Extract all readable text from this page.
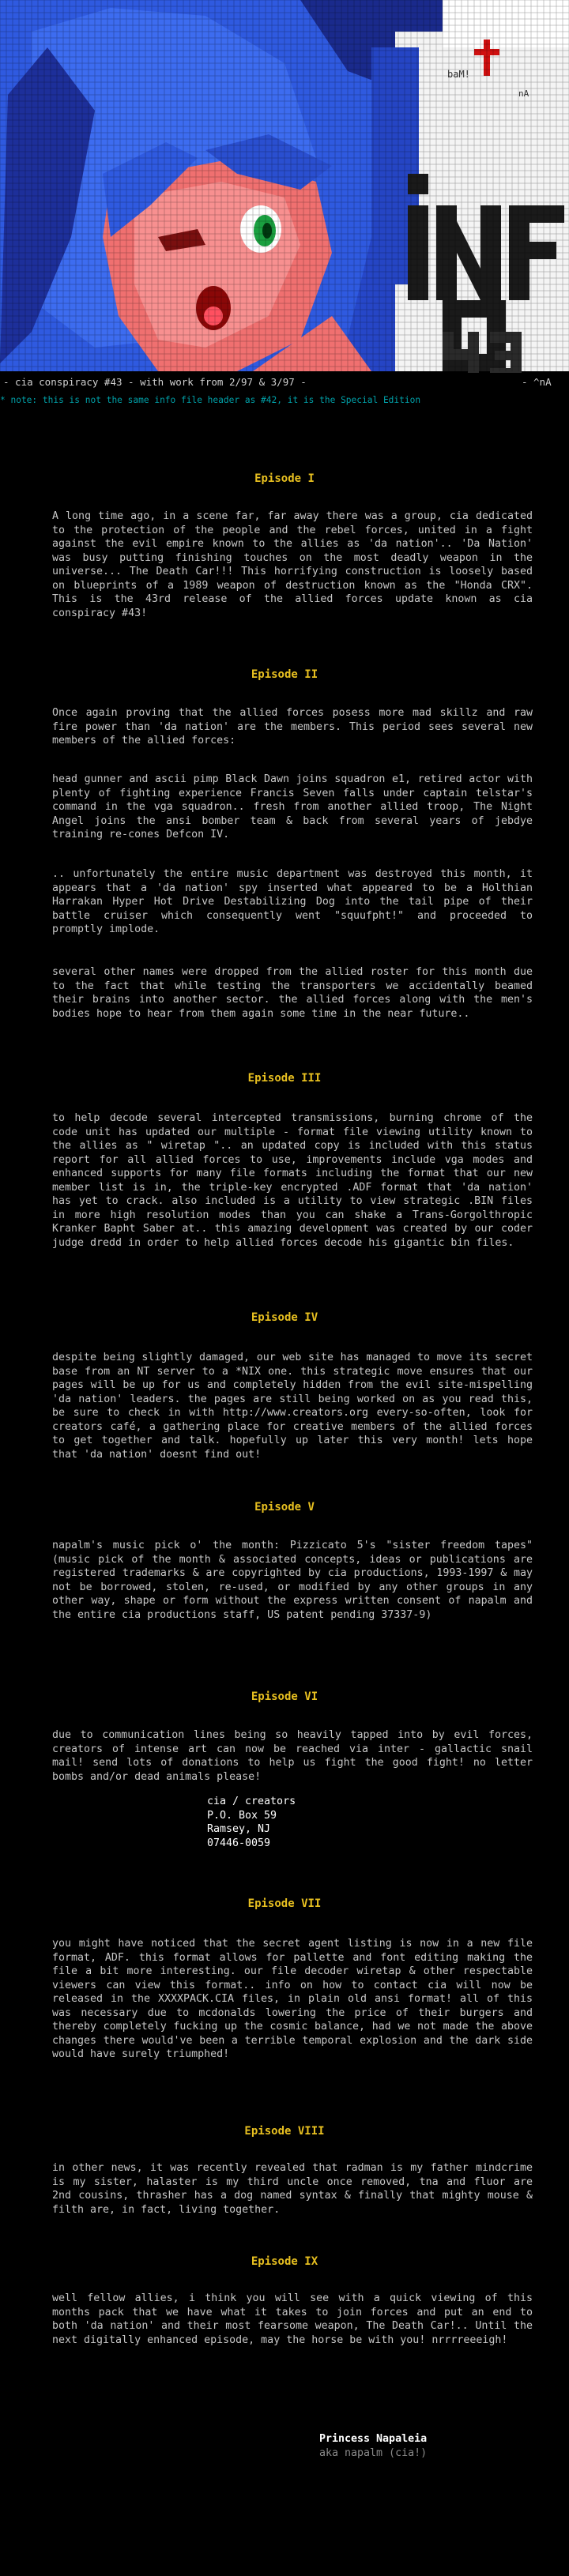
- cia conspiracy #43 - with work from 2/97 & 3/97 -	- ^nA
* note: this is not the same info file header as #42, it is the Special Edition
Episode I
A long time ago, in a scene far, far away there was a group, cia dedicated to the protection of the people and the rebel forces, united in a fight against the evil empire known to the allies as 'da nation'.. 'Da Nation' was busy putting finishing touches on the most deadly weapon in the universe... The Death Car!!! This horrifying construction is loosely based on blueprints of a 1989 weapon of destruction known as the "Honda CRX". This is the 43rd release of the allied forces update known as cia conspiracy #43!
Episode II
Once again proving that the allied forces posess more mad skillz and raw fire power than 'da nation' are the members. This period sees several new members of the allied forces:
head gunner and ascii pimp Black Dawn joins squadron e1, retired actor with plenty of fighting experience Francis Seven falls under captain telstar's command in the vga squadron.. fresh from another allied troop, The Night Angel joins the ansi bomber team & back from several years of jebdye training re-cones Defcon IV.
.. unfortunately the entire music department was destroyed this month, it appears that a 'da nation' spy inserted what appeared to be a Holthian Harrakan Hyper Hot Drive Destabilizing Dog into the tail pipe of their battle cruiser which consequently went "squufpht!" and proceeded to promptly implode.
several other names were dropped from the allied roster for this month due to the fact that while testing the transporters we accidentally beamed their brains into another sector. the allied forces along with the men's bodies hope to hear from them again some time in the near future..
Episode III
to help decode several intercepted transmissions, burning chrome of the code unit has updated our multiple - format file viewing utility known to the allies as " wiretap ".. an updated copy is included with this status report for all allied forces to use, improvements include vga modes and enhanced supports for many file formats including the format that our new member list is in, the triple-key encrypted .ADF format that 'da nation' has yet to crack. also included is a utility to view strategic .BIN files in more high resolution modes than you can shake a Trans-Gorgolthropic Kranker Bapht Saber at.. this amazing development was created by our coder judge dredd in order to help allied forces decode his gigantic bin files.
Episode IV
despite being slightly damaged, our web site has managed to move its secret base from an NT server to a *NIX one. this strategic move ensures that our pages will be up for us and completely hidden from the evil site-mispelling 'da nation' leaders. the pages are still being worked on as you read this, be sure to check in with http://www.creators.org every-so-often, look for creators café, a gathering place for creative members of the allied forces to get together and talk. hopefully up later this very month! lets hope that 'da nation' doesnt find out!
Episode V
napalm's music pick o' the month: Pizzicato 5's "sister freedom tapes" (music pick of the month & associated concepts, ideas or publications are registered trademarks & are copyrighted by cia productions, 1993-1997 & may not be borrowed, stolen, re-used, or modified by any other groups in any other way, shape or form without the express written consent of napalm and the entire cia productions staff, US patent pending 37337-9)
Episode VI
due to communication lines being so heavily tapped into by evil forces, creators of intense art can now be reached via inter - gallactic snail mail! send lots of donations to help us fight the good fight! no letter bombs and/or dead animals please!
cia / creators
P.O. Box 59
Ramsey, NJ
07446-0059
Episode VII
you might have noticed that the secret agent listing is now in a new file format, ADF. this format allows for pallette and font editing making the file a bit more interesting. our file decoder wiretap & other respectable viewers can view this format.. info on how to contact cia will now be released in the XXXXPACK.CIA files, in plain old ansi format! all of this was necessary due to mcdonalds lowering the price of their burgers and thereby completely fucking up the cosmic balance, had we not made the above changes there would've been a terrible temporal explosion and the dark side would have surely triumphed!
Episode VIII
in other news, it was recently revealed that radman is my father mindcrime is my sister, halaster is my third uncle once removed, tna and fluor are 2nd cousins, thrasher has a dog named syntax & finally that mighty mouse & filth are, in fact, living together.
Episode IX
well fellow allies, i think you will see with a quick viewing of this months pack that we have what it takes to join forces and put an end to both 'da nation' and their most fearsome weapon, The Death Car!.. Until the next digitally enhanced episode, may the horse be with you! nrrrreeeigh!
Princess Napaleia
aka napalm (cia!)
